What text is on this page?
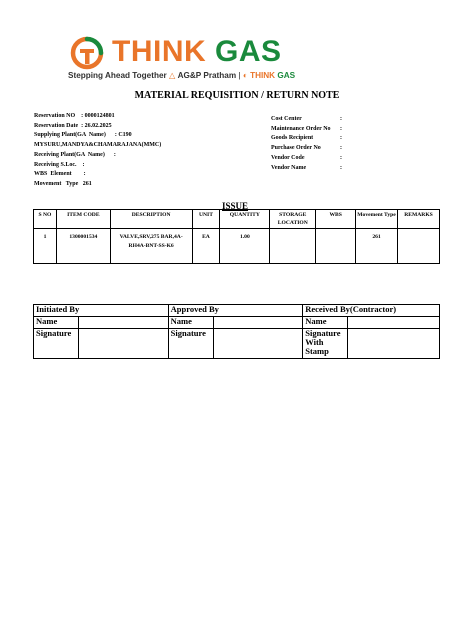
THINK GAS
Stepping Ahead Together △ AG&P Pratham | ◐ THINK GAS
MATERIAL REQUISITION / RETURN NOTE
Reservation NO    : 0000124801
Reservation Date  : 26.02.2025
Supplying Plant(GA  Name)      : C190
MYSURU,MANDYA&CHAMARAJANA(MMC)
Receiving Plant(GA  Name)      :
Receiving S.Loc.    :
WBS  Element        :
Movement   Type   261
Cost Center	:
Maintenance Order No :
Goods Recipient	:
Purchase Order No	:
Vendor Code	:
Vendor Name	:
ISSUE
S NO	ITEM CODE	DESCRIPTION	UNIT	QUANTITY	STORAGE LOCATION	WBS	Movement Type	REMARKS
1	1300001534	VALVE,SRV,275 BAR,4A-RH4A-BNT-SS-K6	EA	1.00			261	
Initiated By		Approved By		Received By(Contractor)	
Name		Name		Name	
Signature		Signature		Signature With Stamp	
